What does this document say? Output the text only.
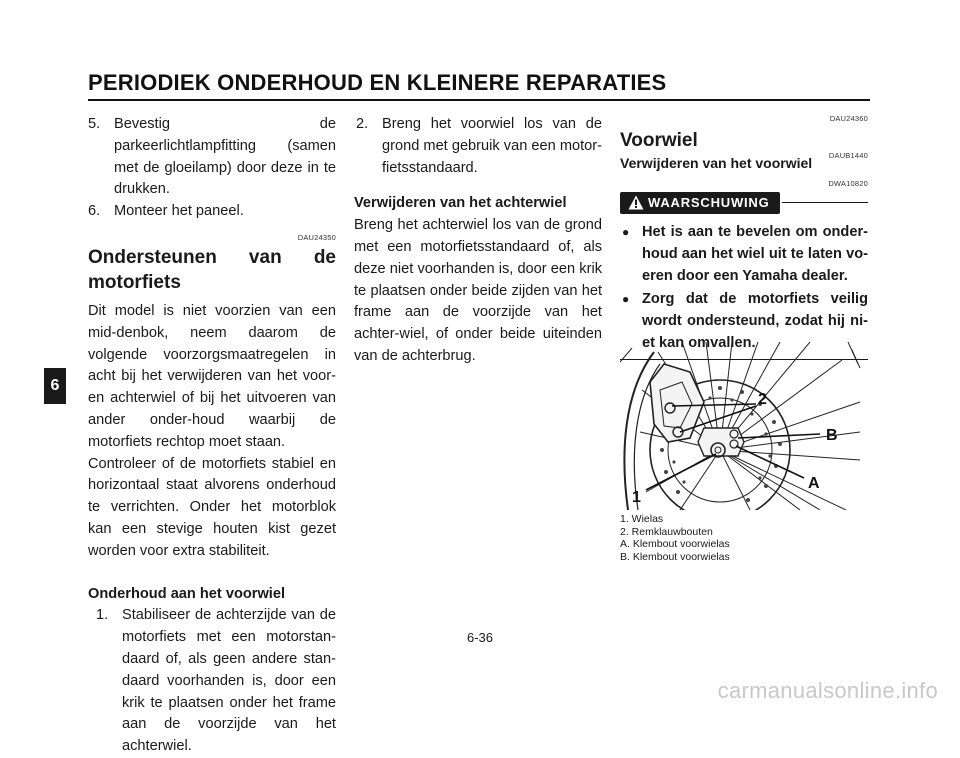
PERIODIEK ONDERHOUD EN KLEINERE REPARATIES
6
5. Bevestig de parkeerlichtlampfitting (samen met de gloeilamp) door deze in te drukken.
6. Monteer het paneel.
DAU24350
Ondersteunen van de motorfiets

Dit model is niet voorzien van een mid-denbok, neem daarom de volgende voorzorgsmaatregelen in acht bij het verwijderen van het voor- en achterwiel of bij het uitvoeren van ander onder-houd waarbij de motorfiets rechtop moet staan.

Controleer of de motorfiets stabiel en horizontaal staat alvorens onderhoud te verrichten. Onder het motorblok kan een stevige houten kist gezet worden voor extra stabiliteit.

Onderhoud aan het voorwiel
1. Stabiliseer de achterzijde van de motorfiets met een motorstan-daard of, als geen andere stan-daard voorhanden is, door een krik te plaatsen onder het frame aan de voorzijde van het achterwiel.
2. Breng het voorwiel los van de grond met gebruik van een motor-fietsstandaard.
Verwijderen van het achterwiel

Breng het achterwiel los van de grond met een motorfietsstandaard of, als deze niet voorhanden is, door een krik te plaatsen onder beide zijden van het frame aan de voorzijde van het achter-wiel, of onder beide uiteinden van de achterbrug.

DAU24360
Voorwiel
Verwijderen van het voorwiel DAUB1440
DWA10820
WAARSCHUWING
● Het is aan te bevelen om onder-houd aan het wiel uit te laten vo-eren door een Yamaha dealer.
● Zorg dat de motorfiets veilig wordt ondersteund, zodat hij ni-et kan omvallen.
1
2
A
B
1. Wielas
2. Remklauwbouten
A. Klembout voorwielas
B. Klembout voorwielas
6-36
carmanualsonline.info
